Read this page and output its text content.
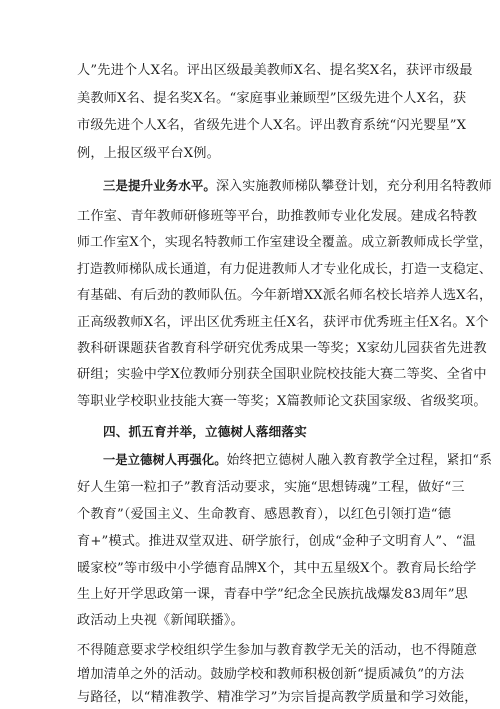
人”先进个人X名。评出区级最美教师X名、提名奖X名，获评市级最
美教师X名、提名奖X名。“家庭事业兼顾型”区级先进个人X名，获
市级先进个人X名，省级先进个人X名。评出教育系统“闪光婴星”X
例，上报区级平台X例。
三是提升业务水平。深入实施教师梯队攀登计划，充分利用名特教师
工作室、青年教师研修班等平台，助推教师专业化发展。建成名特教
师工作室X个，实现名特教师工作室建设全覆盖。成立新教师成长学堂，
打造教师梯队成长通道，有力促进教师人才专业化成长，打造一支稳定、
有基础、有后劲的教师队伍。今年新增XX派名师名校长培养人选X名，
正高级教师X名，评出区优秀班主任X名，获评市优秀班主任X名。X个
教科研课题获省教育科学研究优秀成果一等奖；X家幼儿园获省先进教
研组；实验中学X位教师分别获全国职业院校技能大赛二等奖、全省中
等职业学校职业技能大赛一等奖；X篇教师论文获国家级、省级奖项。
四、抓五育并举，立德树人落细落实
一是立德树人再强化。始终把立德树人融入教育教学全过程，紧扣“系
好人生第一粒扣子”教育活动要求，实施“思想铸魂”工程，做好“三
个教育”（爱国主义、生命教育、感恩教育），以红色引领打造“德
育+”模式。推进双堂双进、研学旅行，创成“金种子文明育人”、“温
暖家校”等市级中小学德育品牌X个，其中五星级X个。教育局长给学
生上好开学思政第一课，青春中学”纪念全民族抗战爆发83周年”思
政活动上央视《新闻联播》。
不得随意要求学校组织学生参加与教育教学无关的活动，也不得随意
增加清单之外的活动。鼓励学校和教师积极创新“提质减负”的方法
与路径，以“精准教学、精准学习”为宗旨提高教学质量和学习效能，
